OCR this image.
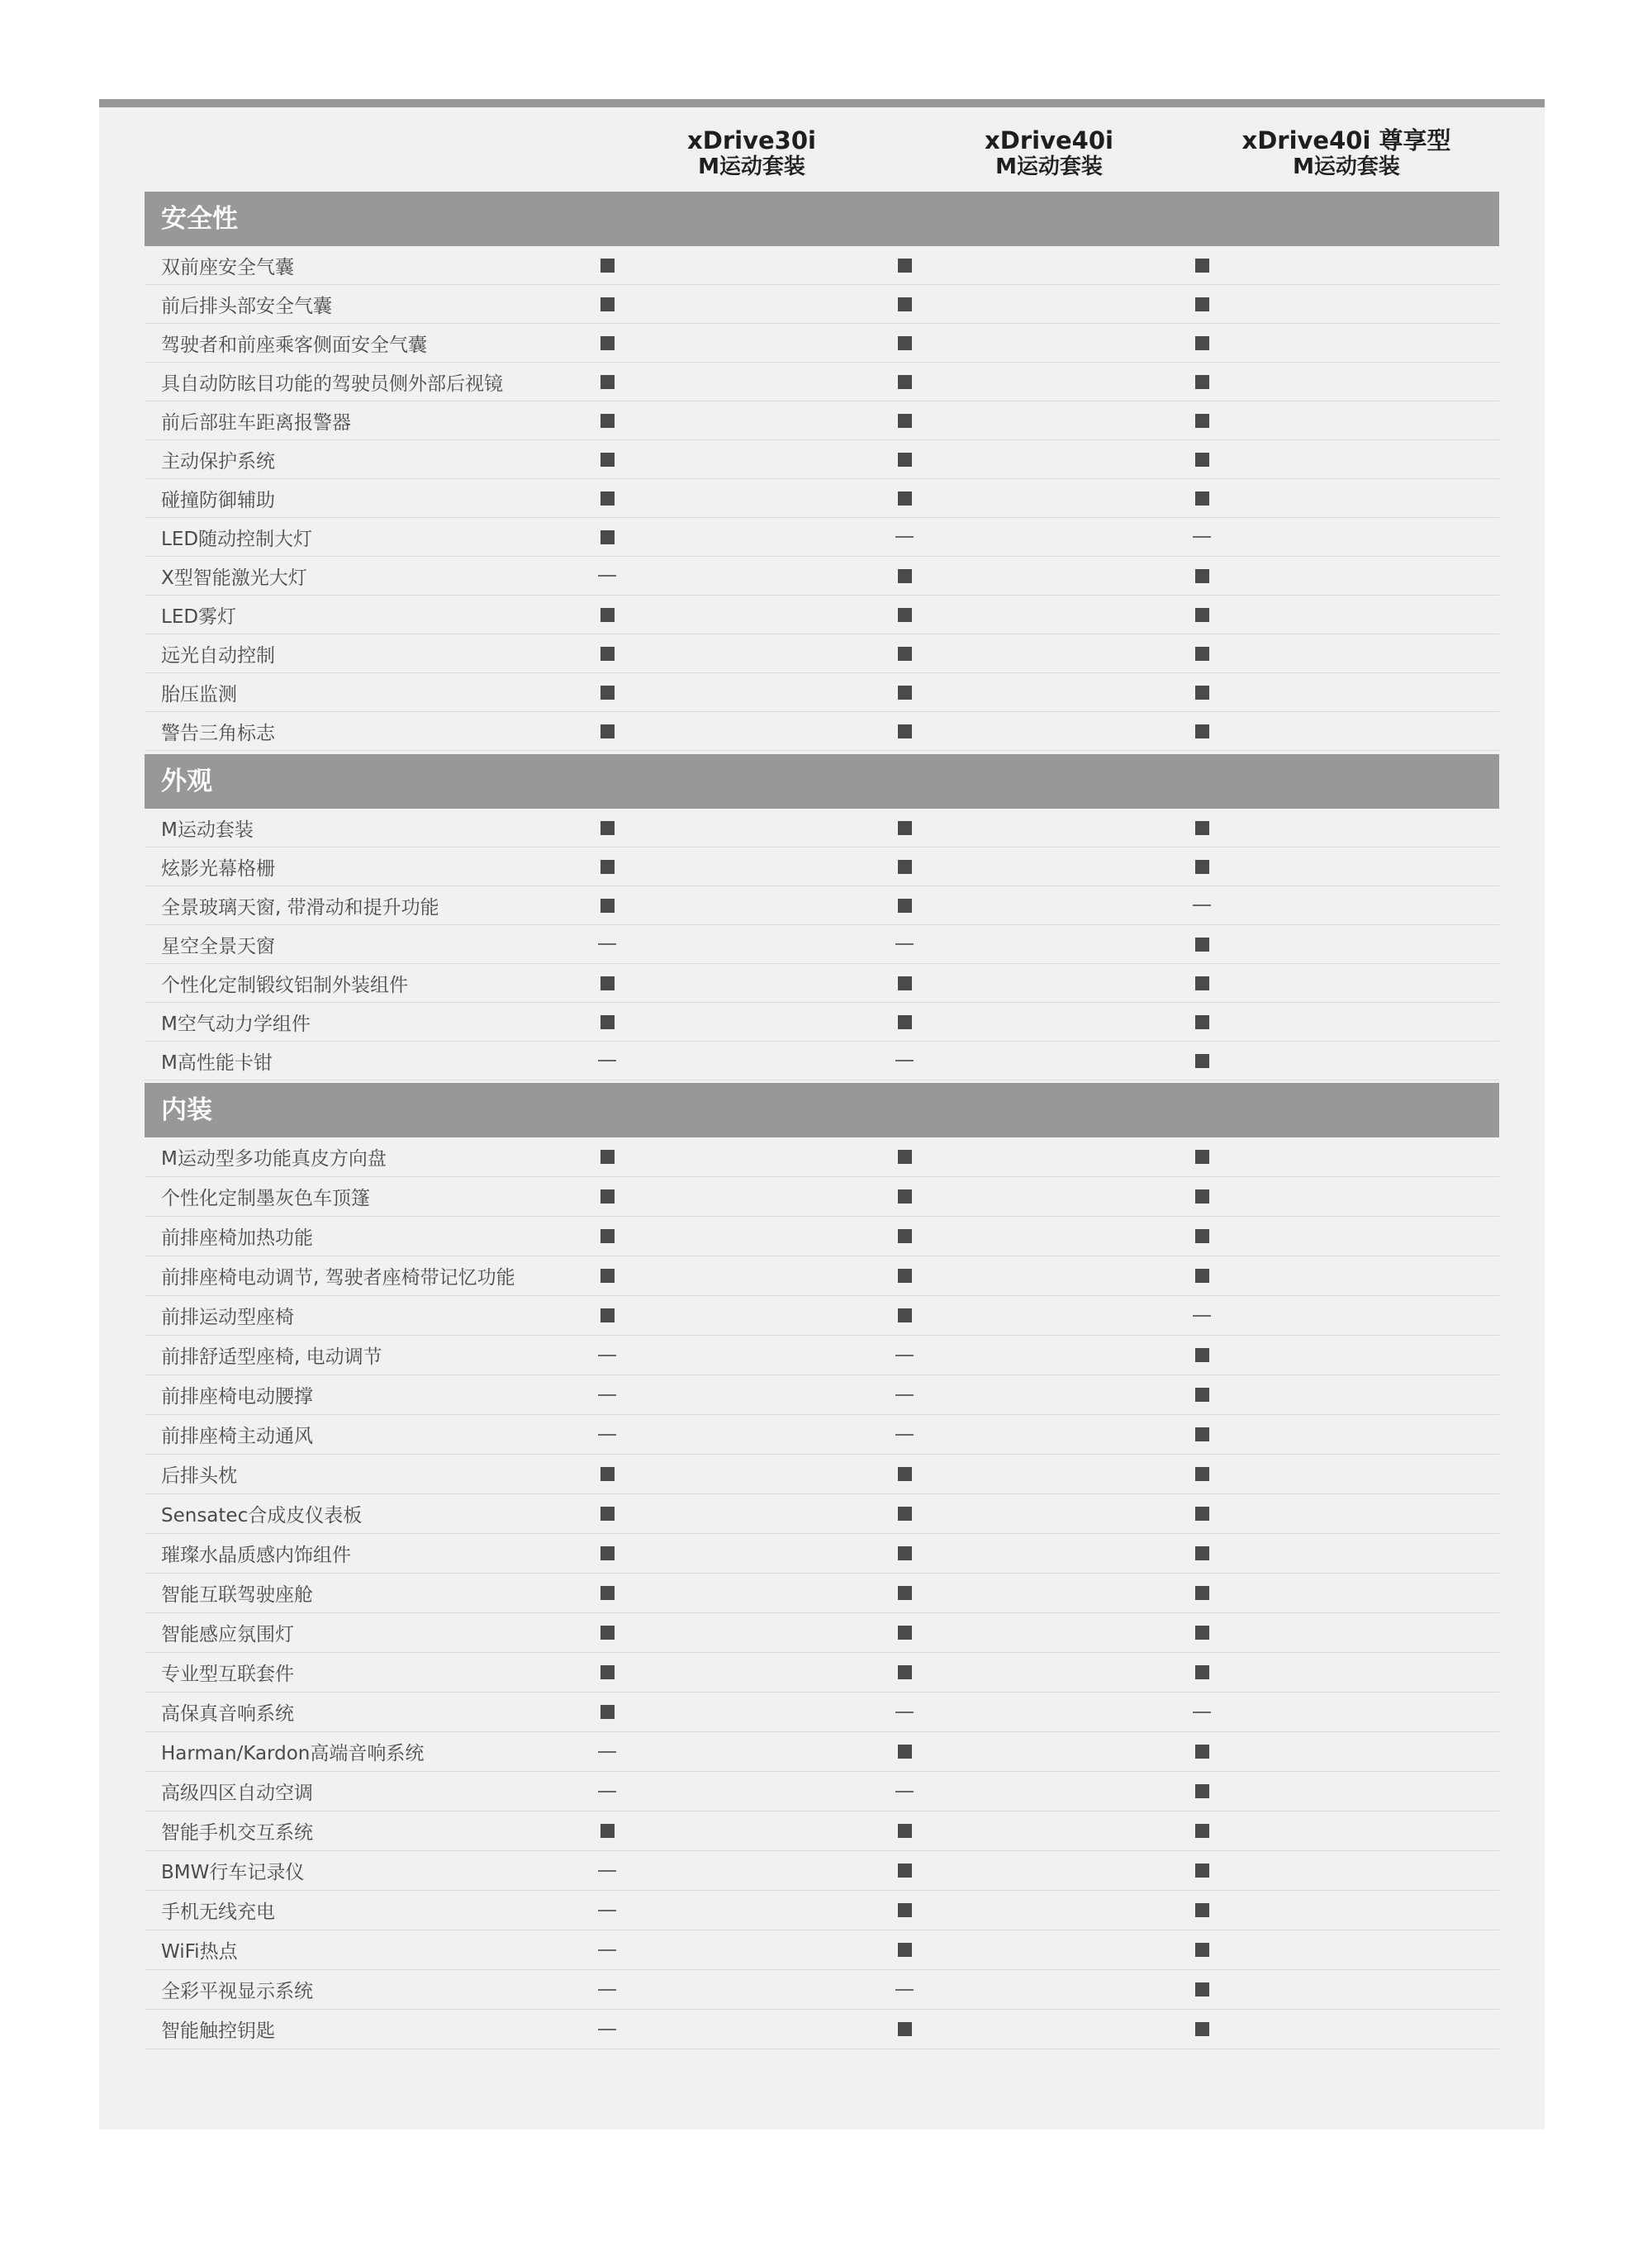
xDrive30i
M运动套装
xDrive40i
M运动套装
xDrive40i 尊享型
M运动套装
安全性
双前座安全气囊
前后排头部安全气囊
驾驶者和前座乘客侧面安全气囊
具自动防眩目功能的驾驶员侧外部后视镜
前后部驻车距离报警器
主动保护系统
碰撞防御辅助
LED随动控制大灯
X型智能激光大灯
LED雾灯
远光自动控制
胎压监测
警告三角标志
外观
M运动套装
炫影光幕格栅
全景玻璃天窗, 带滑动和提升功能
星空全景天窗
个性化定制锻纹铝制外装组件
M空气动力学组件
M高性能卡钳
内装
M运动型多功能真皮方向盘
个性化定制墨灰色车顶篷
前排座椅加热功能
前排座椅电动调节, 驾驶者座椅带记忆功能
前排运动型座椅
前排舒适型座椅, 电动调节
前排座椅电动腰撑
前排座椅主动通风
后排头枕
Sensatec合成皮仪表板
璀璨水晶质感内饰组件
智能互联驾驶座舱
智能感应氛围灯
专业型互联套件
高保真音响系统
Harman/Kardon高端音响系统
高级四区自动空调
智能手机交互系统
BMW行车记录仪
手机无线充电
WiFi热点
全彩平视显示系统
智能触控钥匙
